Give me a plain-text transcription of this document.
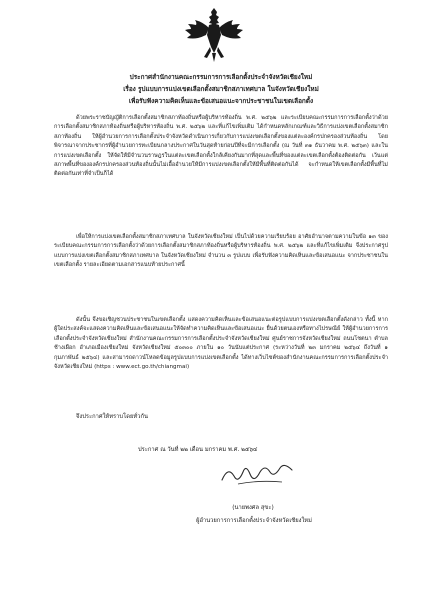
ประกาศสำนักงานคณะกรรมการการเลือกตั้งประจำจังหวัดเชียงใหม่
เรื่อง รูปแบบการแบ่งเขตเลือกตั้งสมาชิกสภาเทศบาล ในจังหวัดเชียงใหม่
เพื่อรับฟังความคิดเห็นและข้อเสนอแนะจากประชาชนในเขตเลือกตั้ง
ด้วยพระราชบัญญัติการเลือกตั้งสมาชิกสภาท้องถิ่นหรือผู้บริหารท้องถิ่น พ.ศ. ๒๕๖๒ และระเบียบคณะกรรมการการเลือกตั้งว่าด้วยการเลือกตั้งสมาชิกสภาท้องถิ่นหรือผู้บริหารท้องถิ่น พ.ศ. ๒๕๖๒ และที่แก้ไขเพิ่มเติม ได้กำหนดหลักเกณฑ์และวิธีการแบ่งเขตเลือกตั้งสมาชิกสภาท้องถิ่น ให้ผู้อำนวยการการเลือกตั้งประจำจังหวัดดำเนินการเกี่ยวกับการแบ่งเขตเลือกตั้งของแต่ละองค์กรปกครองส่วนท้องถิ่น โดยพิจารณาจากประชากรที่ผู้อำนวยการทะเบียนกลางประกาศในวันสุดท้ายก่อนปีที่จะมีการเลือกตั้ง (ณ วันที่ ๓๑ ธันวาคม พ.ศ. ๒๕๖๓) และในการแบ่งเขตเลือกตั้ง ให้จัดให้มีจำนวนราษฎรในแต่ละเขตเลือกตั้งใกล้เคียงกันมากที่สุดและพื้นที่ของแต่ละเขตเลือกตั้งต้องติดต่อกัน เว้นแต่สภาพพื้นที่ขององค์กรปกครองส่วนท้องถิ่นนั้นไม่เอื้ออำนวยให้มีการแบ่งเขตเลือกตั้งให้มีพื้นที่ติดต่อกันได้ จะกำหนดให้เขตเลือกตั้งมีพื้นที่ไม่ติดต่อกันเท่าที่จำเป็นก็ได้
เพื่อให้การแบ่งเขตเลือกตั้งสมาชิกสภาเทศบาล ในจังหวัดเชียงใหม่ เป็นไปด้วยความเรียบร้อย อาศัยอำนาจตามความในข้อ ๑๓ ของระเบียบคณะกรรมการการเลือกตั้งว่าด้วยการเลือกตั้งสมาชิกสภาท้องถิ่นหรือผู้บริหารท้องถิ่น พ.ศ. ๒๕๖๒ และที่แก้ไขเพิ่มเติม จึงประกาศรูปแบบการแบ่งเขตเลือกตั้งสมาชิกสภาเทศบาล ในจังหวัดเชียงใหม่ จำนวน ๓ รูปแบบ เพื่อรับฟังความคิดเห็นและข้อเสนอแนะ จากประชาชนในเขตเลือกตั้ง รายละเอียดตามเอกสารแนบท้ายประกาศนี้
ดังนั้น จึงขอเชิญชวนประชาชนในเขตเลือกตั้ง แสดงความคิดเห็นและข้อเสนอแนะต่อรูปแบบการแบ่งเขตเลือกตั้งดังกล่าว ทั้งนี้ หากผู้ใดประสงค์จะแสดงความคิดเห็นและข้อเสนอแนะให้จัดทำความคิดเห็นและข้อเสนอแนะ ยื่นด้วยตนเองหรือทางไปรษณีย์ ให้ผู้อำนวยการการเลือกตั้งประจำจังหวัดเชียงใหม่ สำนักงานคณะกรรมการการเลือกตั้งประจำจังหวัดเชียงใหม่ ศูนย์ราชการจังหวัดเชียงใหม่ ถนนโชตนา ตำบลช้างเผือก อำเภอเมืองเชียงใหม่ จังหวัดเชียงใหม่ ๕๐๓๐๐ ภายใน ๑๐ วันนับแต่ประกาศ (ระหว่างวันที่ ๒๓ มกราคม ๒๕๖๔ ถึงวันที่ ๑ กุมภาพันธ์ ๒๕๖๔) และสามารถดาวน์โหลดข้อมูลรูปแบบการแบ่งเขตเลือกตั้ง ได้ทางเว็บไซต์ของสำนักงานคณะกรรมการการเลือกตั้งประจำจังหวัดเชียงใหม่ (https : www.ect.go.th/chiangmai)
จึงประกาศให้ทราบโดยทั่วกัน
ประกาศ ณ วันที่ ๒๒ เดือน มกราคม พ.ศ. ๒๕๖๔
(นายพงศล สุขะ)
ผู้อำนวยการการเลือกตั้งประจำจังหวัดเชียงใหม่
